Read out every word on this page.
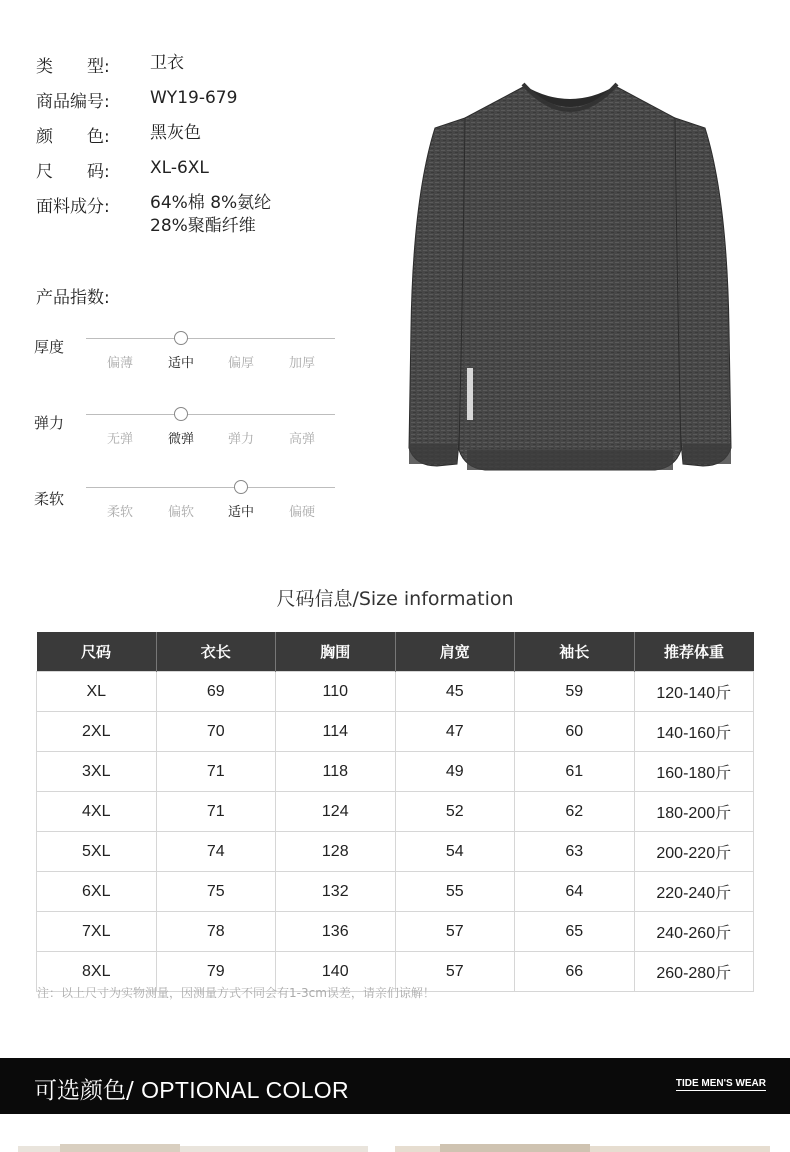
类　　型:	卫衣
商品编号:	WY19-679
颜　　色:	黑灰色
尺　　码:	XL-6XL
面料成分:	64%棉 8%氨纶
28%聚酯纤维
产品指数:
厚度
偏薄	适中	偏厚	加厚
弹力
无弹	微弹	弹力	高弹
柔软
柔软	偏软	适中	偏硬
尺码信息/Size information
尺码	衣长	胸围	肩宽	袖长	推荐体重
XL	69	110	45	59	120-140斤
2XL	70	114	47	60	140-160斤
3XL	71	118	49	61	160-180斤
4XL	71	124	52	62	180-200斤
5XL	74	128	54	63	200-220斤
6XL	75	132	55	64	220-240斤
7XL	78	136	57	65	240-260斤
8XL	79	140	57	66	260-280斤
注：以上尺寸为实物测量，因测量方式不同会有1-3cm误差，请亲们谅解！
可选颜色/ OPTIONAL COLOR	TIDE MEN'S WEAR
